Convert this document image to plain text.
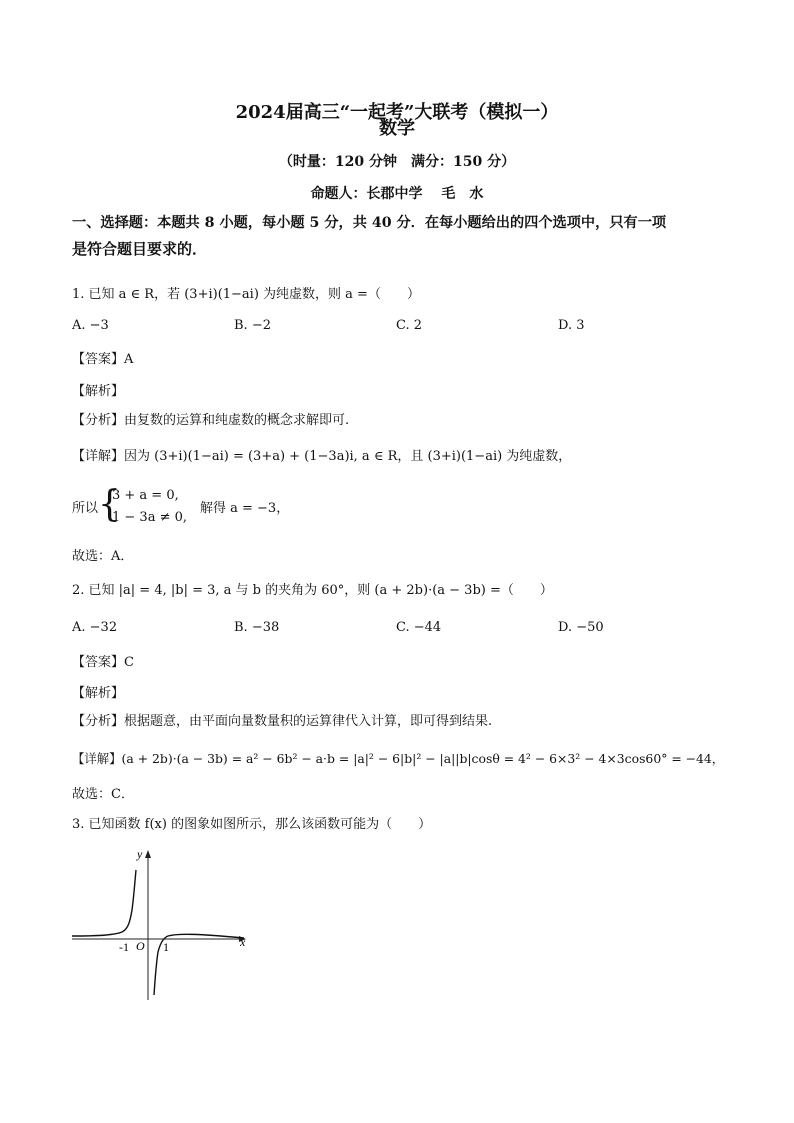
2024届高三“一起考”大联考（模拟一）
数学
（时量：120 分钟　满分：150 分）
命题人：长郡中学　 毛　水
一、选择题：本题共 8 小题，每小题 5 分，共 40 分．在每小题给出的四个选项中，只有一项
是符合题目要求的．
1. 已知 a ∈ R，若 (3+i)(1−ai) 为纯虚数，则 a =（　　）
A. −3	B. −2	C. 2	D. 3
【答案】A
【解析】
【分析】由复数的运算和纯虚数的概念求解即可.
【详解】因为 (3+i)(1−ai) = (3+a) + (1−3a)i, a ∈ R，且 (3+i)(1−ai) 为纯虚数，
所以 {
3 + a = 0,
1 − 3a ≠ 0,
解得 a = −3，
故选：A．
2. 已知 |a| = 4, |b| = 3, a 与 b 的夹角为 60°，则 (a + 2b)·(a − 3b) =（　　）
A. −32	B. −38	C. −44	D. −50
【答案】C
【解析】
【分析】根据题意，由平面向量数量积的运算律代入计算，即可得到结果.
【详解】(a + 2b)·(a − 3b) = a² − 6b² − a·b = |a|² − 6|b|² − |a||b|cosθ = 4² − 6×3² − 4×3cos60° = −44，
故选：C．
3. 已知函数 f(x) 的图象如图所示，那么该函数可能为（　　）
x
y
O
-1	1
